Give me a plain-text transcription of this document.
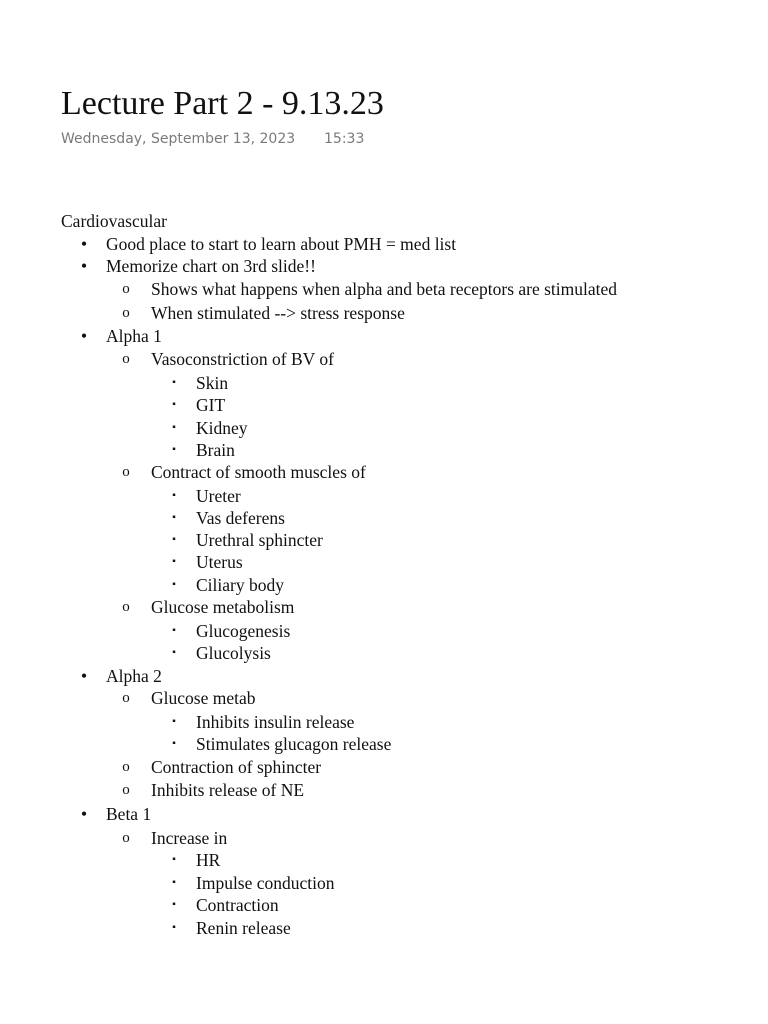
Lecture Part 2 - 9.13.23
Wednesday, September 13, 2023 15:33
Cardiovascular
• Good place to start to learn about PMH = med list
• Memorize chart on 3rd slide!!
o Shows what happens when alpha and beta receptors are stimulated
o When stimulated --> stress response
• Alpha 1
o Vasoconstriction of BV of
▪ Skin
▪ GIT
▪ Kidney
▪ Brain
o Contract of smooth muscles of
▪ Ureter
▪ Vas deferens
▪ Urethral sphincter
▪ Uterus
▪ Ciliary body
o Glucose metabolism
▪ Glucogenesis
▪ Glucolysis
• Alpha 2
o Glucose metab
▪ Inhibits insulin release
▪ Stimulates glucagon release
o Contraction of sphincter
o Inhibits release of NE
• Beta 1
o Increase in
▪ HR
▪ Impulse conduction
▪ Contraction
▪ Renin release
